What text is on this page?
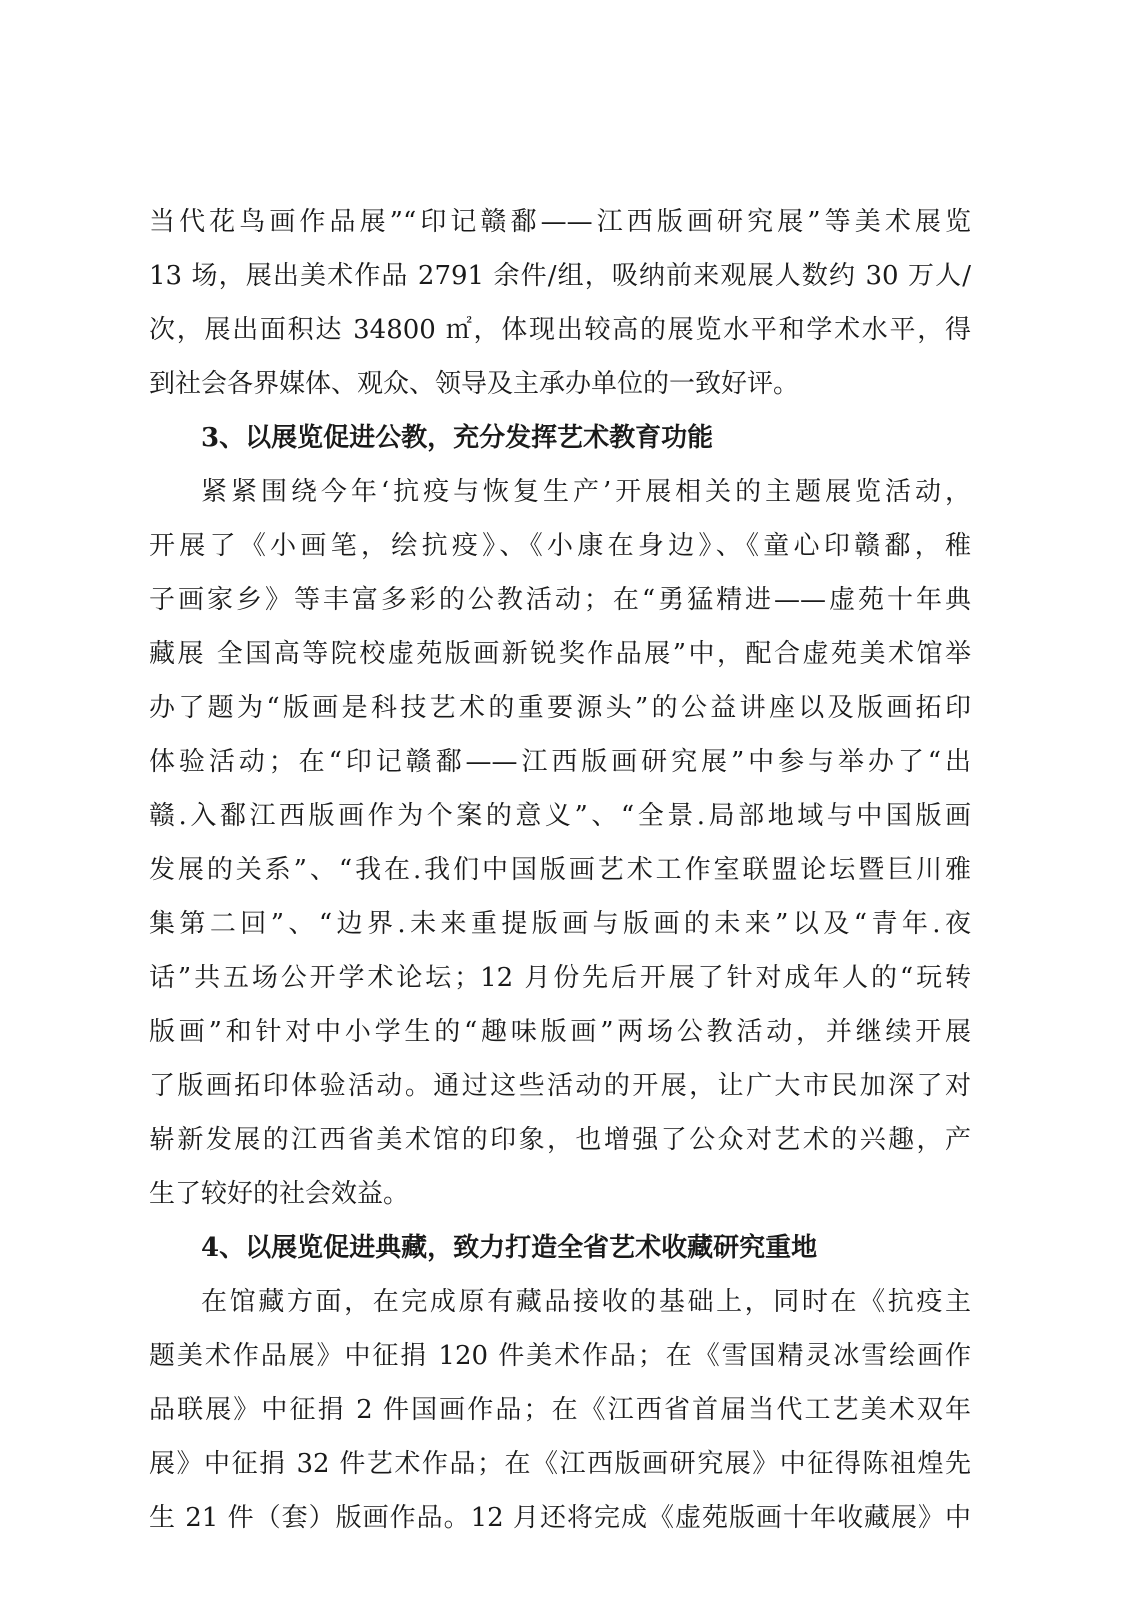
当代花鸟画作品展”“印记赣鄱——江西版画研究展”等美术展览
13 场，展出美术作品 2791 余件/组，吸纳前来观展人数约 30 万人/
次，展出面积达 34800 ㎡，体现出较高的展览水平和学术水平，得
到社会各界媒体、观众、领导及主承办单位的一致好评。
3、以展览促进公教，充分发挥艺术教育功能
紧紧围绕今年‘抗疫与恢复生产’开展相关的主题展览活动，
开展了《小画笔，绘抗疫》、《小康在身边》、《童心印赣鄱，稚
子画家乡》等丰富多彩的公教活动；在“勇猛精进——虚苑十年典
藏展 全国高等院校虚苑版画新锐奖作品展”中，配合虚苑美术馆举
办了题为“版画是科技艺术的重要源头”的公益讲座以及版画拓印
体验活动；在“印记赣鄱——江西版画研究展”中参与举办了“出
赣.入鄱江西版画作为个案的意义”、“全景.局部地域与中国版画
发展的关系”、“我在.我们中国版画艺术工作室联盟论坛暨巨川雅
集第二回”、“边界.未来重提版画与版画的未来”以及“青年.夜
话”共五场公开学术论坛；12 月份先后开展了针对成年人的“玩转
版画”和针对中小学生的“趣味版画”两场公教活动，并继续开展
了版画拓印体验活动。通过这些活动的开展，让广大市民加深了对
崭新发展的江西省美术馆的印象，也增强了公众对艺术的兴趣，产
生了较好的社会效益。
4、以展览促进典藏，致力打造全省艺术收藏研究重地
在馆藏方面，在完成原有藏品接收的基础上，同时在《抗疫主
题美术作品展》中征捐 120 件美术作品；在《雪国精灵冰雪绘画作
品联展》中征捐 2 件国画作品；在《江西省首届当代工艺美术双年
展》中征捐 32 件艺术作品；在《江西版画研究展》中征得陈祖煌先
生 21 件（套）版画作品。12 月还将完成《虚苑版画十年收藏展》中
